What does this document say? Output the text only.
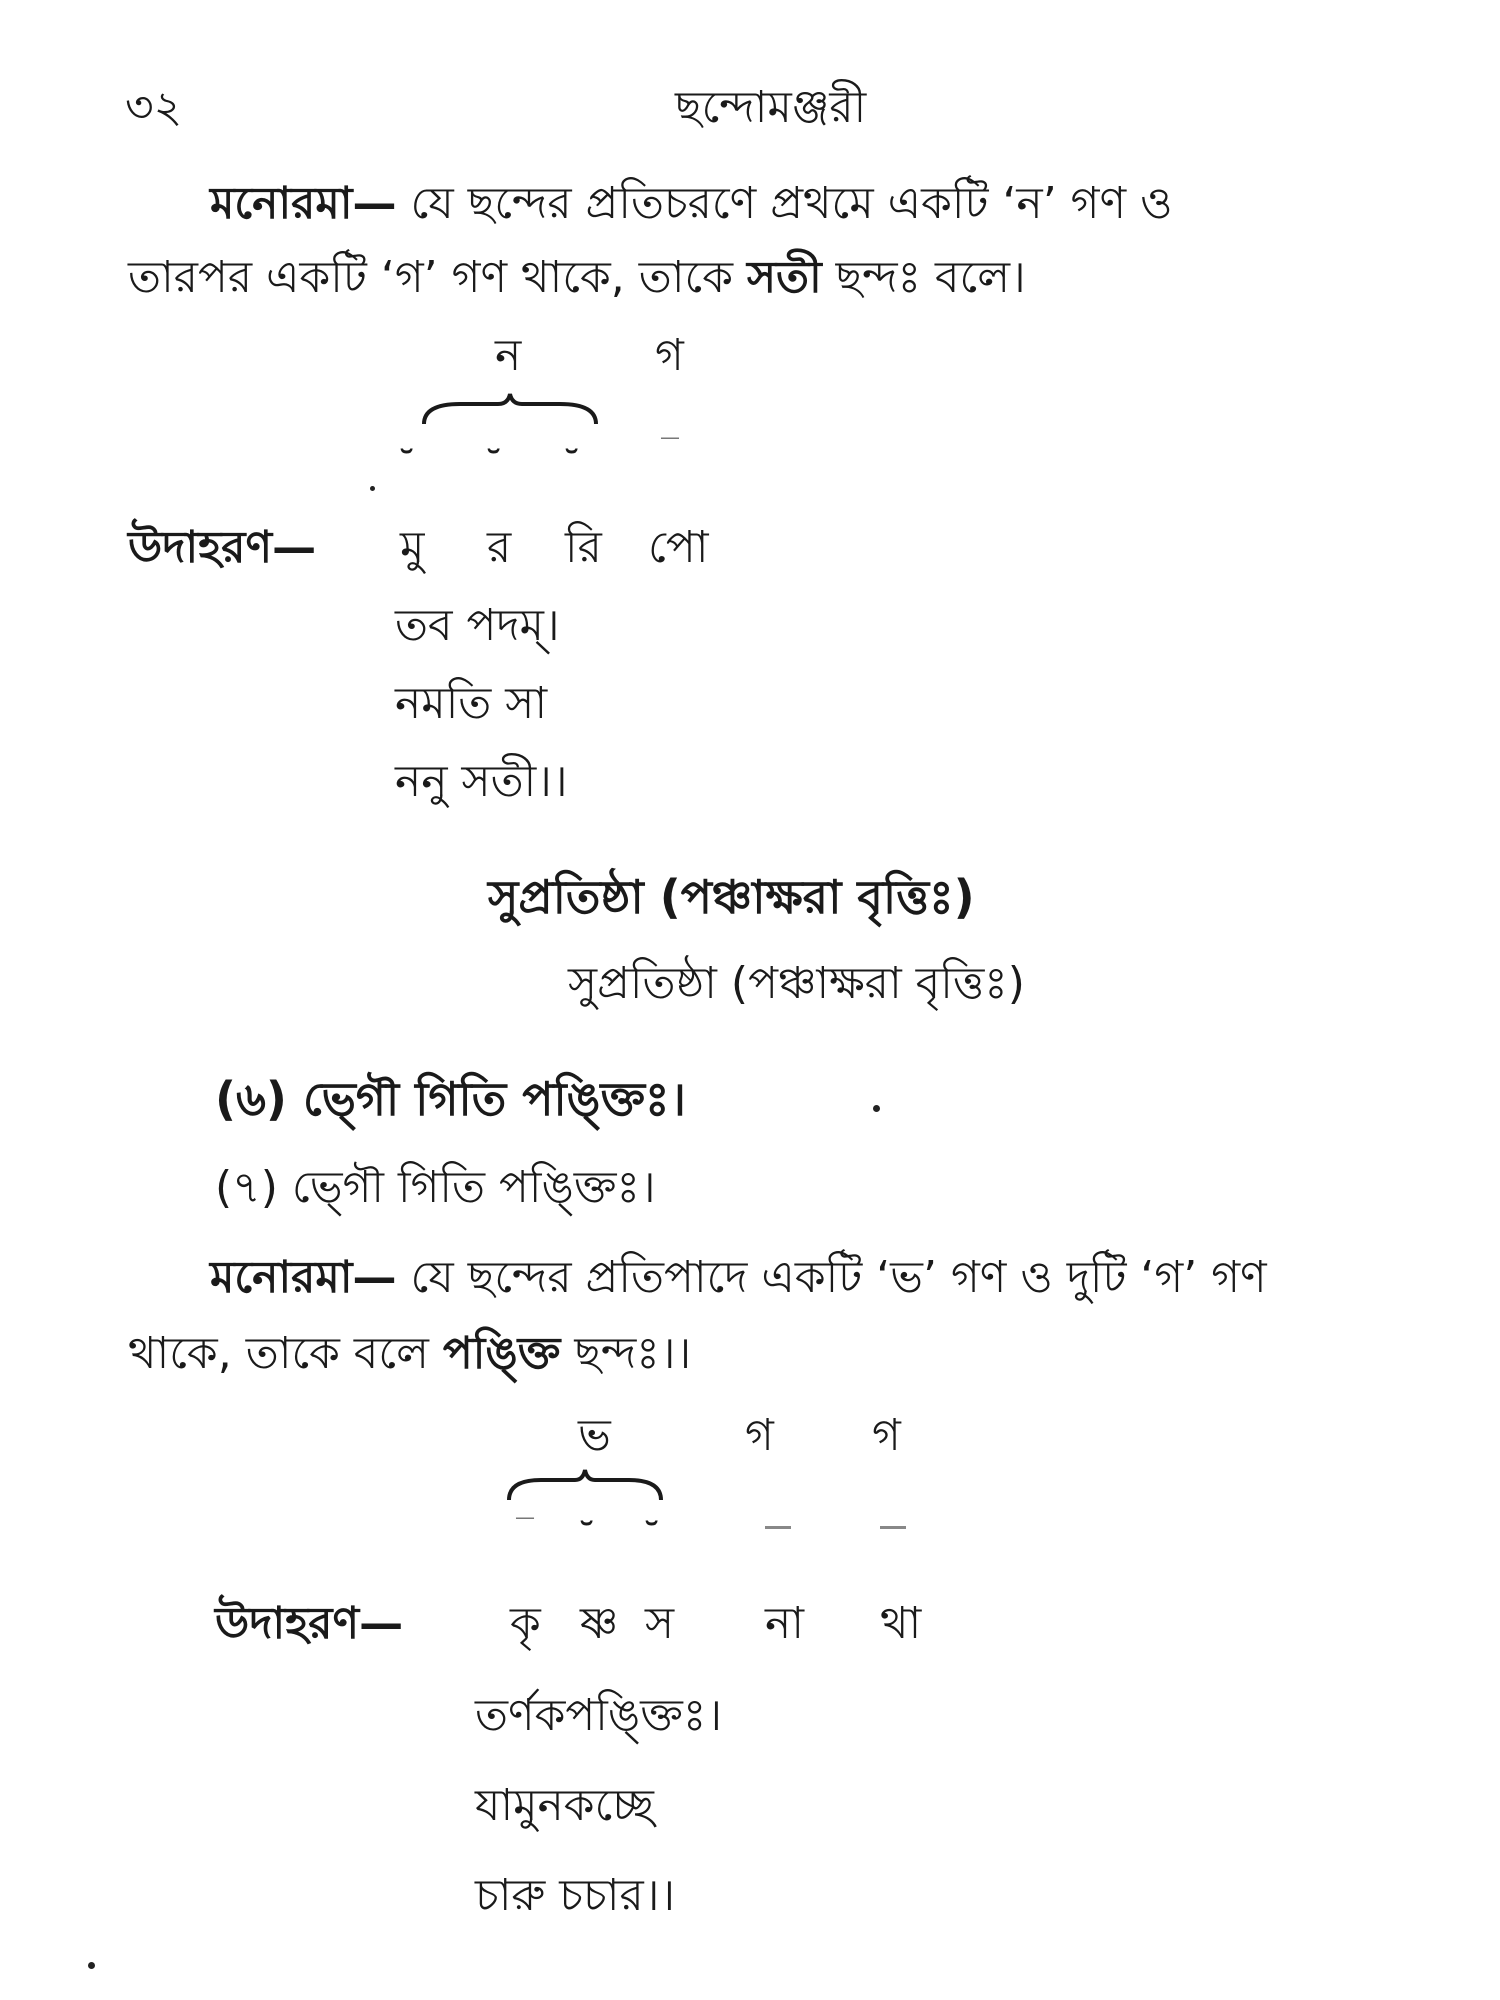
৩২	ছন্দোমঞ্জরী
মনোরমা— যে ছন্দের প্রতিচরণে প্রথমে একটি ‘ন’ গণ ও
তারপর একটি ‘গ’ গণ থাকে, তাকে সতী ছন্দঃ বলে।
ন	গ
⏑ ⏑ ⏑	—
উদাহরণ— মু র রি পো
তব পদম্।
নমতি সা
ননু সতী।।
সুপ্রতিষ্ঠা (পঞ্চাক্ষরা বৃত্তিঃ)
সুপ্রতিষ্ঠা (পঞ্চাক্ষরা বৃত্তিঃ)
(৬) ভ্গৌ গিতি পঙ্ক্তিঃ।
(৭) ভ্গৌ গিতি পঙ্ক্তিঃ।
মনোরমা— যে ছন্দের প্রতিপাদে একটি ‘ভ’ গণ ও দুটি ‘গ’ গণ
থাকে, তাকে বলে পঙ্ক্তি ছন্দঃ।।
ভ	গ গ
— ⏑ ⏑
উদাহরণ— কৃ ষ্ণ স না থা
তর্ণকপঙ্ক্তিঃ।
যামুনকচ্ছে
চারু চচার।।
